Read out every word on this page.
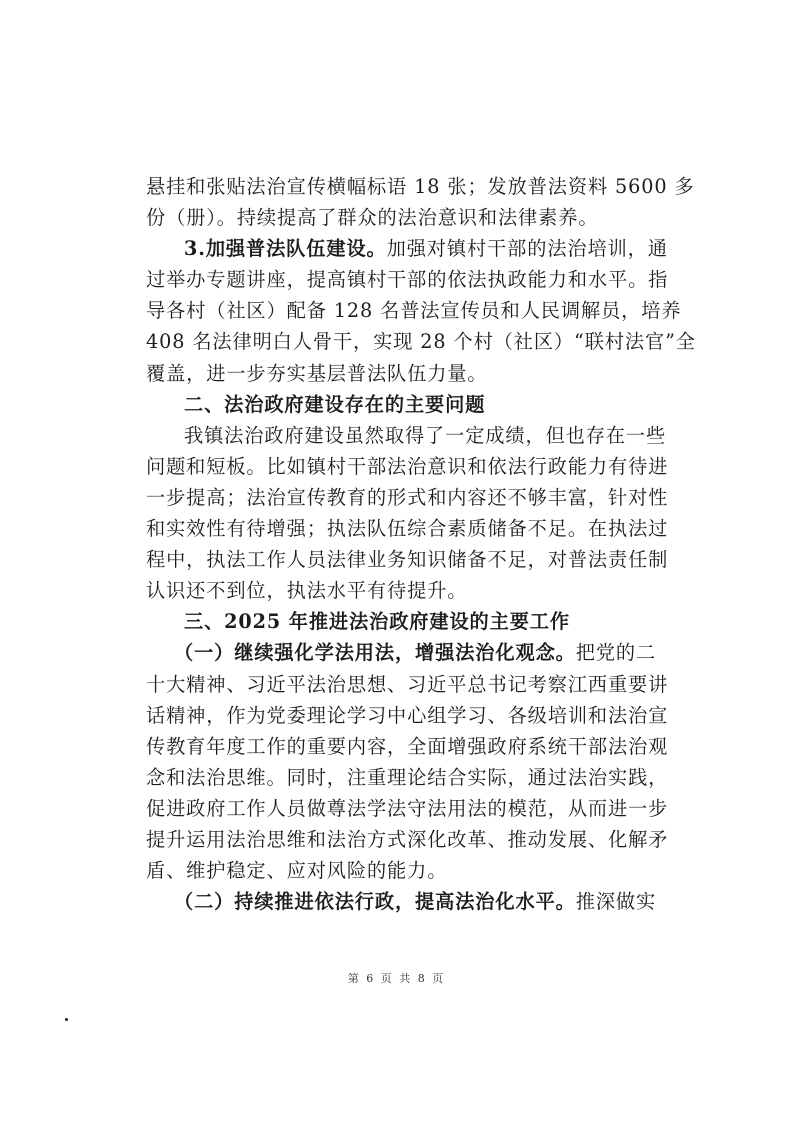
悬挂和张贴法治宣传横幅标语 18 张；发放普法资料 5600 多
份（册）。持续提高了群众的法治意识和法律素养。
3.加强普法队伍建设。加强对镇村干部的法治培训，通
过举办专题讲座，提高镇村干部的依法执政能力和水平。指
导各村（社区）配备 128 名普法宣传员和人民调解员，培养
408 名法律明白人骨干，实现 28 个村（社区）“联村法官”全
覆盖，进一步夯实基层普法队伍力量。
二、法治政府建设存在的主要问题
我镇法治政府建设虽然取得了一定成绩，但也存在一些
问题和短板。比如镇村干部法治意识和依法行政能力有待进
一步提高；法治宣传教育的形式和内容还不够丰富，针对性
和实效性有待增强；执法队伍综合素质储备不足。在执法过
程中，执法工作人员法律业务知识储备不足，对普法责任制
认识还不到位，执法水平有待提升。
三、2025 年推进法治政府建设的主要工作
（一）继续强化学法用法，增强法治化观念。把党的二
十大精神、习近平法治思想、习近平总书记考察江西重要讲
话精神，作为党委理论学习中心组学习、各级培训和法治宣
传教育年度工作的重要内容，全面增强政府系统干部法治观
念和法治思维。同时，注重理论结合实际，通过法治实践，
促进政府工作人员做尊法学法守法用法的模范，从而进一步
提升运用法治思维和法治方式深化改革、推动发展、化解矛
盾、维护稳定、应对风险的能力。
（二）持续推进依法行政，提高法治化水平。推深做实
第 6 页 共 8 页
